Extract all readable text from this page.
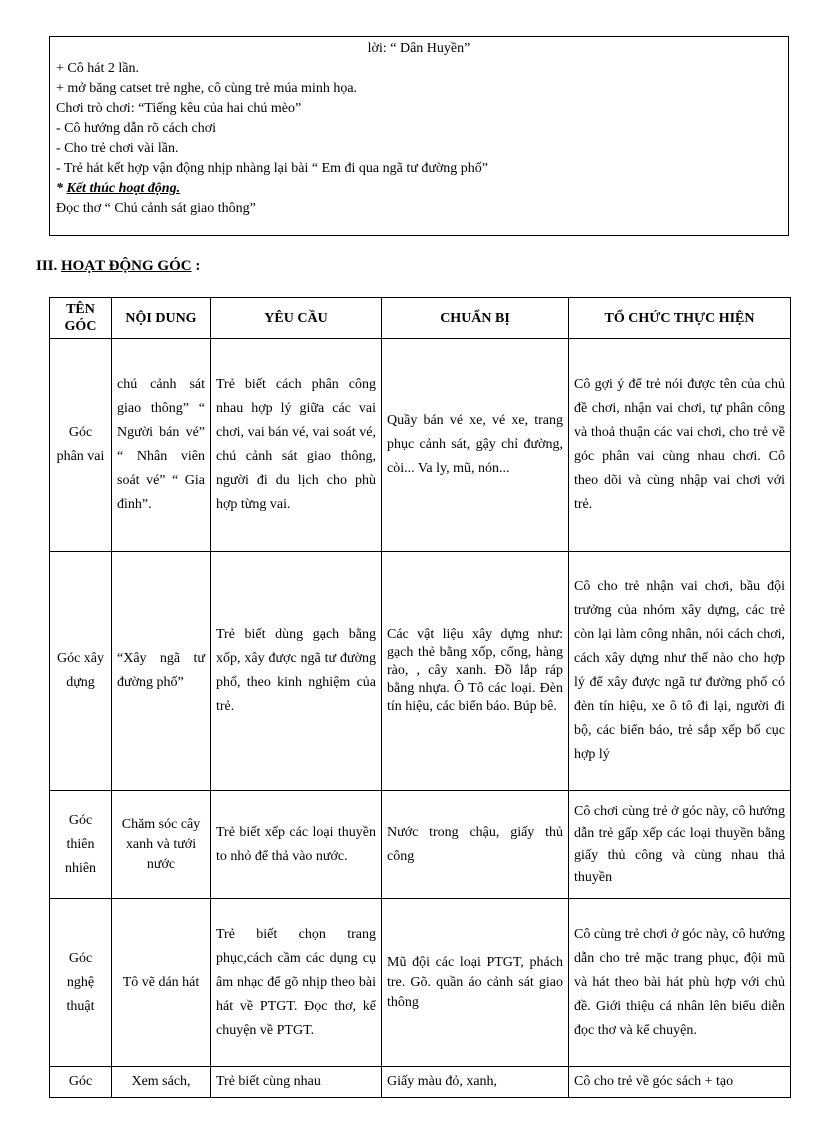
lời: “ Dân Huyền”
+ Cô hát 2 lần.
+ mở băng catset trẻ nghe, cô cùng trẻ múa minh họa.
Chơi trò chơi: “Tiếng kêu của hai chú mèo”
- Cô hướng dẫn rõ cách chơi
- Cho trẻ chơi vài lần.
- Trẻ hát kết hợp vận động nhịp nhàng lại bài “ Em đi qua ngã tư đường phố”
* Kết thúc hoạt động.
Đọc thơ “ Chú cảnh sát giao thông”
III. HOẠT ĐỘNG GÓC :
TÊN GÓC	NỘI DUNG	YÊU CẦU	CHUẨN BỊ	TỔ CHỨC THỰC HIỆN
Góc phân vai	chú cảnh sát giao thông” “ Người bán vé” “ Nhân viên soát vé” “ Gia đình”.	Trẻ biết cách phân công nhau hợp lý giữa các vai chơi, vai bán vé, vai soát vé, chú cảnh sát giao thông, người đi du lịch cho phù hợp từng vai.	Quầy bán vé xe, vé xe, trang phục cảnh sát, gậy chỉ đường, còi... Va ly, mũ, nón...	Cô gợi ý để trẻ nói được tên của chủ đề chơi, nhận vai chơi, tự phân công và thoả thuận các vai chơi, cho trẻ về góc phân vai cùng nhau chơi. Cô theo dõi và cùng nhập vai chơi với trẻ.
Góc xây dựng	“Xây ngã tư đường phố”	Trẻ biết dùng gạch bằng xốp, xây được ngã tư đường phố, theo kinh nghiệm của trẻ.	Các vật liệu xây dựng như: gạch thẻ bằng xốp, cổng, hàng rào, , cây xanh. Đồ lắp ráp bằng nhựa. Ô Tô các loại. Đèn tín hiệu, các biển báo. Búp bê.	Cô cho trẻ nhận vai chơi, bầu đội trưởng của nhóm xây dựng, các trẻ còn lại làm công nhân, nói cách chơi, cách xây dựng như thế nào cho hợp lý để xây được ngã tư đường phố có đèn tín hiệu, xe ô tô đi lại, người đi bộ, các biển báo, trẻ sắp xếp bố cục hợp lý
Góc thiên nhiên	Chăm sóc cây xanh và tưới nước	Trẻ biết xếp các loại thuyền to nhỏ để thả vào nước.	Nước trong chậu, giấy thủ công	Cô chơi cùng trẻ ở góc này, cô hướng dẫn trẻ gấp xếp các loại thuyền bằng giấy thủ công và cùng nhau thả thuyền
Góc nghệ thuật	Tô vẽ dán hát	Trẻ biết chọn trang phục,cách cầm các dụng cụ âm nhạc để gõ nhịp theo bài hát về PTGT. Đọc thơ, kể chuyện về PTGT.	Mũ đội các loại PTGT, phách tre. Gõ. quần áo cảnh sát giao thông	Cô cùng trẻ chơi ở góc này, cô hướng dẫn cho trẻ mặc trang phục, đội mũ và hát theo bài hát phù hợp với chủ đề. Giới thiệu cá nhân lên biểu diễn đọc thơ và kể chuyện.
Góc	Xem sách,	Trẻ biết cùng nhau	Giấy màu đỏ, xanh,	Cô cho trẻ về góc sách + tạo
